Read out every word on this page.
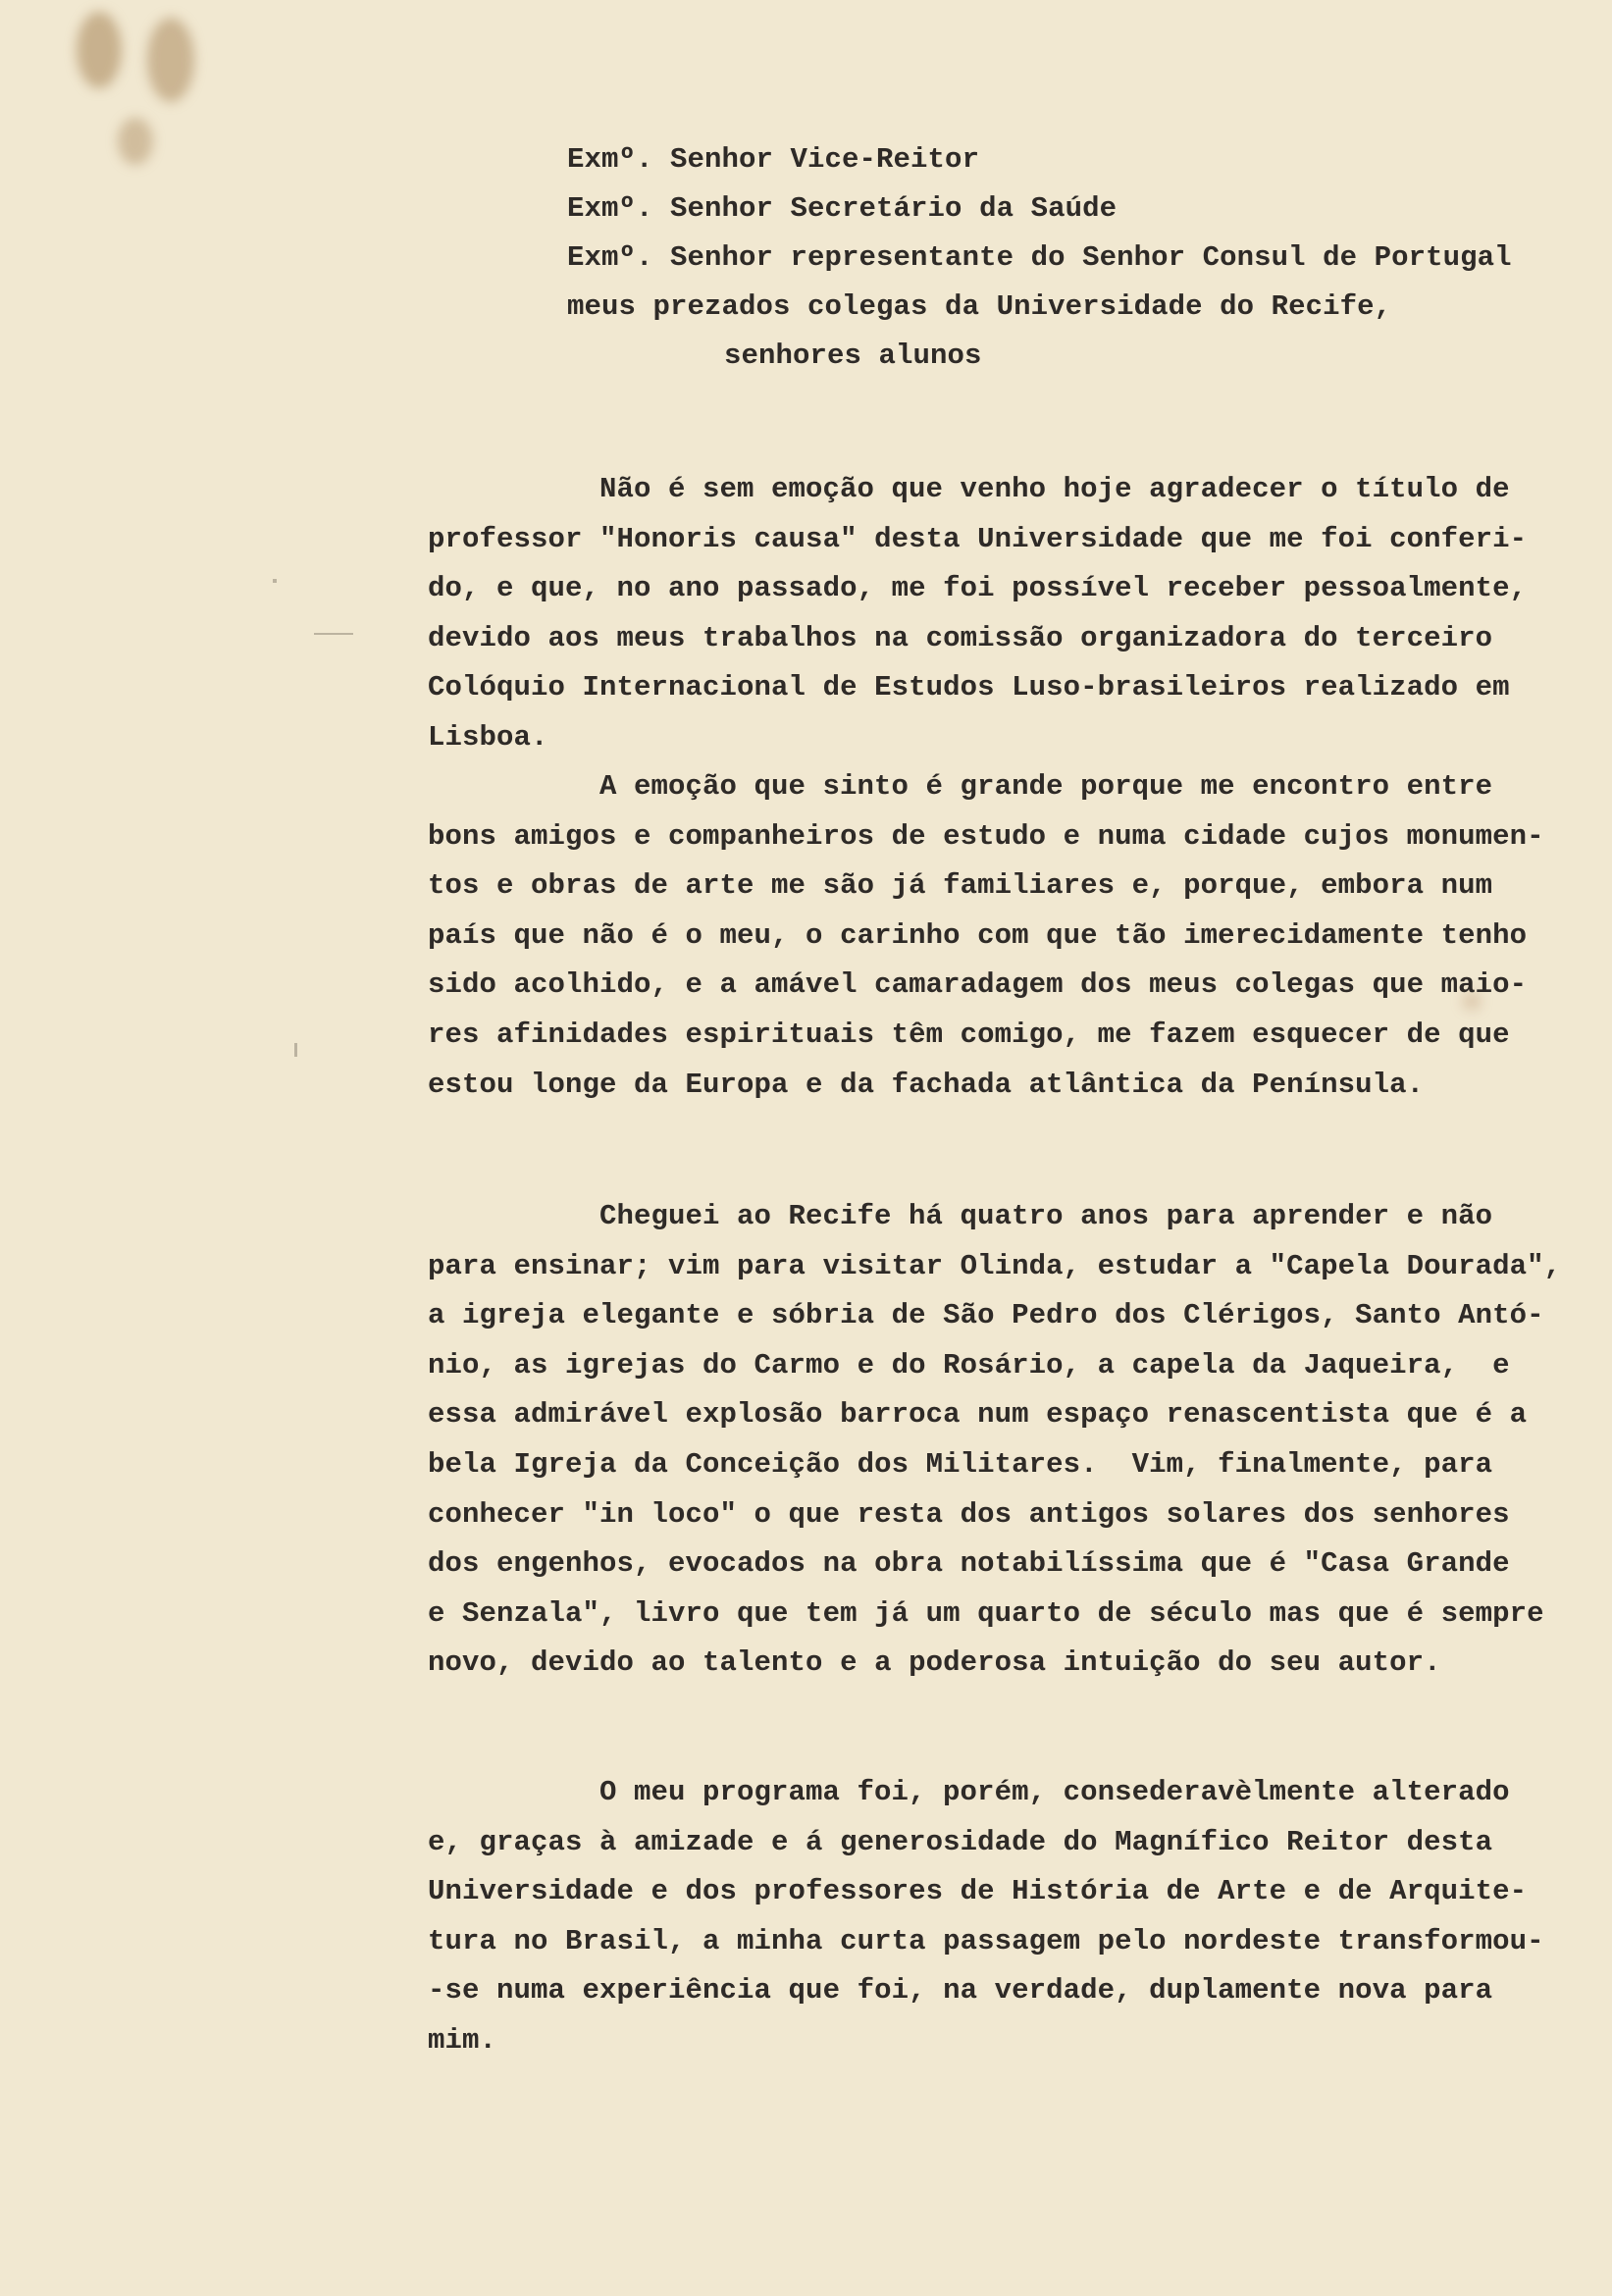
Exmº. Senhor Vice-Reitor
Exmº. Senhor Secretário da Saúde
Exmº. Senhor representante do Senhor Consul de Portugal
meus prezados colegas da Universidade do Recife,
senhores alunos
Não é sem emoção que venho hoje agradecer o título de
professor "Honoris causa" desta Universidade que me foi conferi-
do, e que, no ano passado, me foi possível receber pessoalmente,
devido aos meus trabalhos na comissão organizadora do terceiro
Colóquio Internacional de Estudos Luso-brasileiros realizado em
Lisboa.
A emoção que sinto é grande porque me encontro entre
bons amigos e companheiros de estudo e numa cidade cujos monumen-
tos e obras de arte me são já familiares e, porque, embora num
país que não é o meu, o carinho com que tão imerecidamente tenho
sido acolhido, e a amável camaradagem dos meus colegas que maio-
res afinidades espirituais têm comigo, me fazem esquecer de que
estou longe da Europa e da fachada atlântica da Península.
Cheguei ao Recife há quatro anos para aprender e não
para ensinar; vim para visitar Olinda, estudar a "Capela Dourada",
a igreja elegante e sóbria de São Pedro dos Clérigos, Santo Antó-
nio, as igrejas do Carmo e do Rosário, a capela da Jaqueira,  e
essa admirável explosão barroca num espaço renascentista que é a
bela Igreja da Conceição dos Militares.  Vim, finalmente, para
conhecer "in loco" o que resta dos antigos solares dos senhores
dos engenhos, evocados na obra notabilíssima que é "Casa Grande
e Senzala", livro que tem já um quarto de século mas que é sempre
novo, devido ao talento e a poderosa intuição do seu autor.
O meu programa foi, porém, consederavèlmente alterado
e, graças à amizade e á generosidade do Magnífico Reitor desta
Universidade e dos professores de História de Arte e de Arquite-
tura no Brasil, a minha curta passagem pelo nordeste transformou-
-se numa experiência que foi, na verdade, duplamente nova para
mim.
